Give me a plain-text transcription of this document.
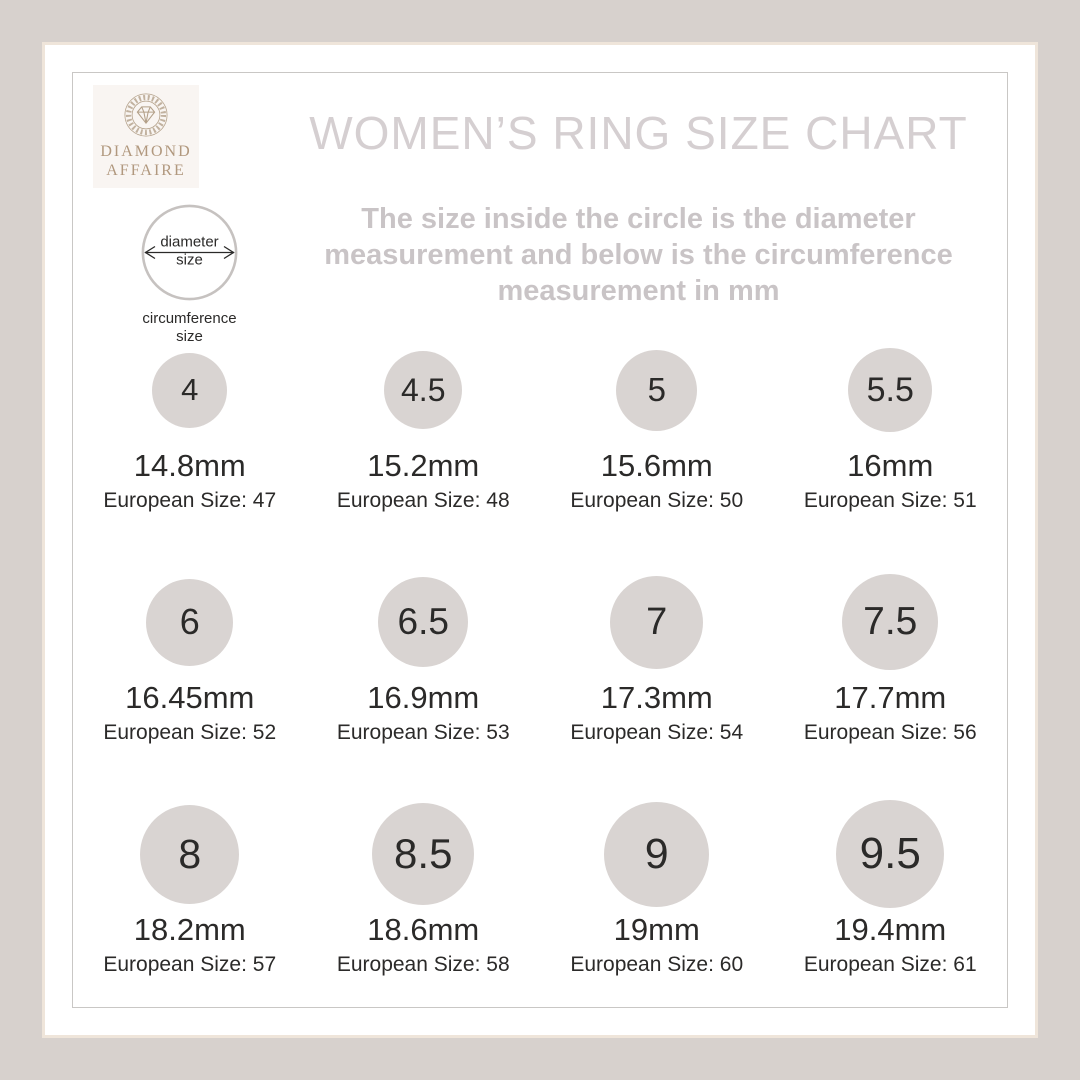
DIAMOND
AFFAIRE
diameter
size
circumference
size
WOMEN’S RING SIZE CHART
The size inside the circle is the diameter
measurement and below is the circumference
measurement in mm
4
14.8mm
European Size: 47
4.5
15.2mm
European Size: 48
5
15.6mm
European Size: 50
5.5
16mm
European Size: 51
6
16.45mm
European Size: 52
6.5
16.9mm
European Size: 53
7
17.3mm
European Size: 54
7.5
17.7mm
European Size: 56
8
18.2mm
European Size: 57
8.5
18.6mm
European Size: 58
9
19mm
European Size: 60
9.5
19.4mm
European Size: 61
